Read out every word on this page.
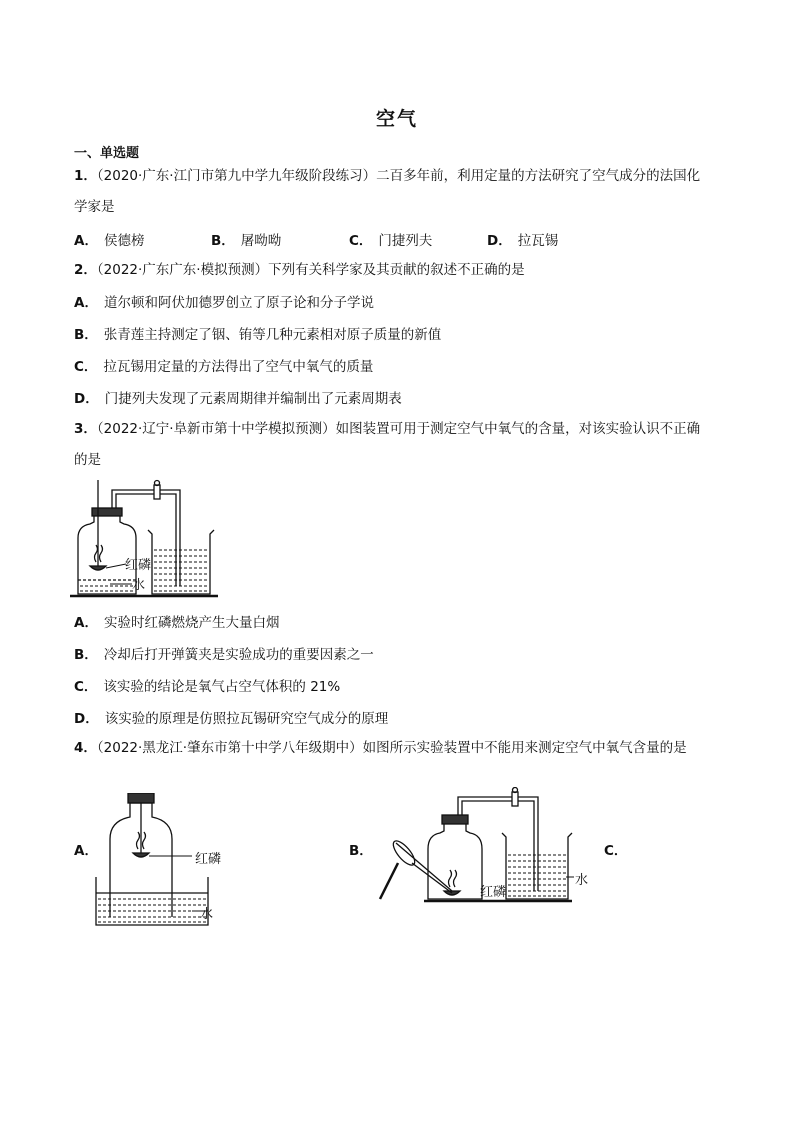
空气
一、单选题
1．（2020·广东·江门市第九中学九年级阶段练习）二百多年前，利用定量的方法研究了空气成分的法国化
学家是
A． 侯德榜	B． 屠呦呦	C． 门捷列夫	D． 拉瓦锡
2．（2022·广东广东·模拟预测）下列有关科学家及其贡献的叙述不正确的是
A． 道尔顿和阿伏加德罗创立了原子论和分子学说
B． 张青莲主持测定了铟、铕等几种元素相对原子质量的新值
C． 拉瓦锡用定量的方法得出了空气中氧气的质量
D． 门捷列夫发现了元素周期律并编制出了元素周期表
3．（2022·辽宁·阜新市第十中学模拟预测）如图装置可用于测定空气中氧气的含量，对该实验认识不正确
的是
红磷
水
A． 实验时红磷燃烧产生大量白烟
B． 冷却后打开弹簧夹是实验成功的重要因素之一
C． 该实验的结论是氧气占空气体积的 21%
D． 该实验的原理是仿照拉瓦锡研究空气成分的原理
4．（2022·黑龙江·肇东市第十中学八年级期中）如图所示实验装置中不能用来测定空气中氧气含量的是
A．
红磷
水
B．
红磷
水
C．
